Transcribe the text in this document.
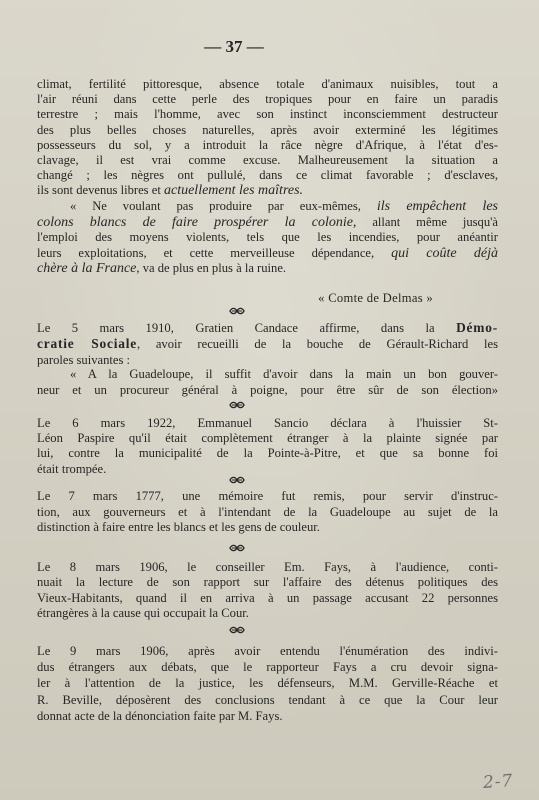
— 37 —
climat, fertilité pittoresque, absence totale d'animaux nuisibles, tout a
l'air réuni dans cette perle des tropiques pour en faire un paradis
terrestre ; mais l'homme, avec son instinct inconsciemment destructeur
des plus belles choses naturelles, après avoir exterminé les légitimes
possesseurs du sol, y a introduit la râce nègre d'Afrique, à l'état d'es-
clavage, il est vrai comme excuse. Malheureusement la situation a
changé ; les nègres ont pullulé, dans ce climat favorable ; d'esclaves,
ils sont devenus libres et actuellement les maîtres.
« Ne voulant pas produire par eux-mêmes, ils empêchent les
colons blancs de faire prospérer la colonie, allant même jusqu'à
l'emploi des moyens violents, tels que les incendies, pour anéantir
leurs exploitations, et cette merveilleuse dépendance, qui coûte déjà
chère à la France, va de plus en plus à la ruine.
« Comte de Delmas »
Le 5 mars 1910, Gratien Candace affirme, dans la Démo-
cratie Sociale, avoir recueilli de la bouche de Gérault-Richard les
paroles suivantes :
« A la Guadeloupe, il suffit d'avoir dans la main un bon gouver-
neur et un procureur général à poigne, pour être sûr de son élection»
Le 6 mars 1922, Emmanuel Sancio déclara à l'huissier St-
Léon Paspire qu'il était complètement étranger à la plainte signée par
lui, contre la municipalité de la Pointe-à-Pitre, et que sa bonne foi
était trompée.
Le 7 mars 1777, une mémoire fut remis, pour servir d'instruc-
tion, aux gouverneurs et à l'intendant de la Guadeloupe au sujet de la
distinction à faire entre les blancs et les gens de couleur.
Le 8 mars 1906, le conseiller Em. Fays, à l'audience, conti-
nuait la lecture de son rapport sur l'affaire des détenus politiques des
Vieux-Habitants, quand il en arriva à un passage accusant 22 personnes
étrangères à la cause qui occupait la Cour.
Le 9 mars 1906, après avoir entendu l'énumération des indivi-
dus étrangers aux débats, que le rapporteur Fays a cru devoir signa-
ler à l'attention de la justice, les défenseurs, M.M. Gerville-Réache et
R. Beville, déposèrent des conclusions tendant à ce que la Cour leur
donnat acte de la dénonciation faite par M. Fays.
2-7
